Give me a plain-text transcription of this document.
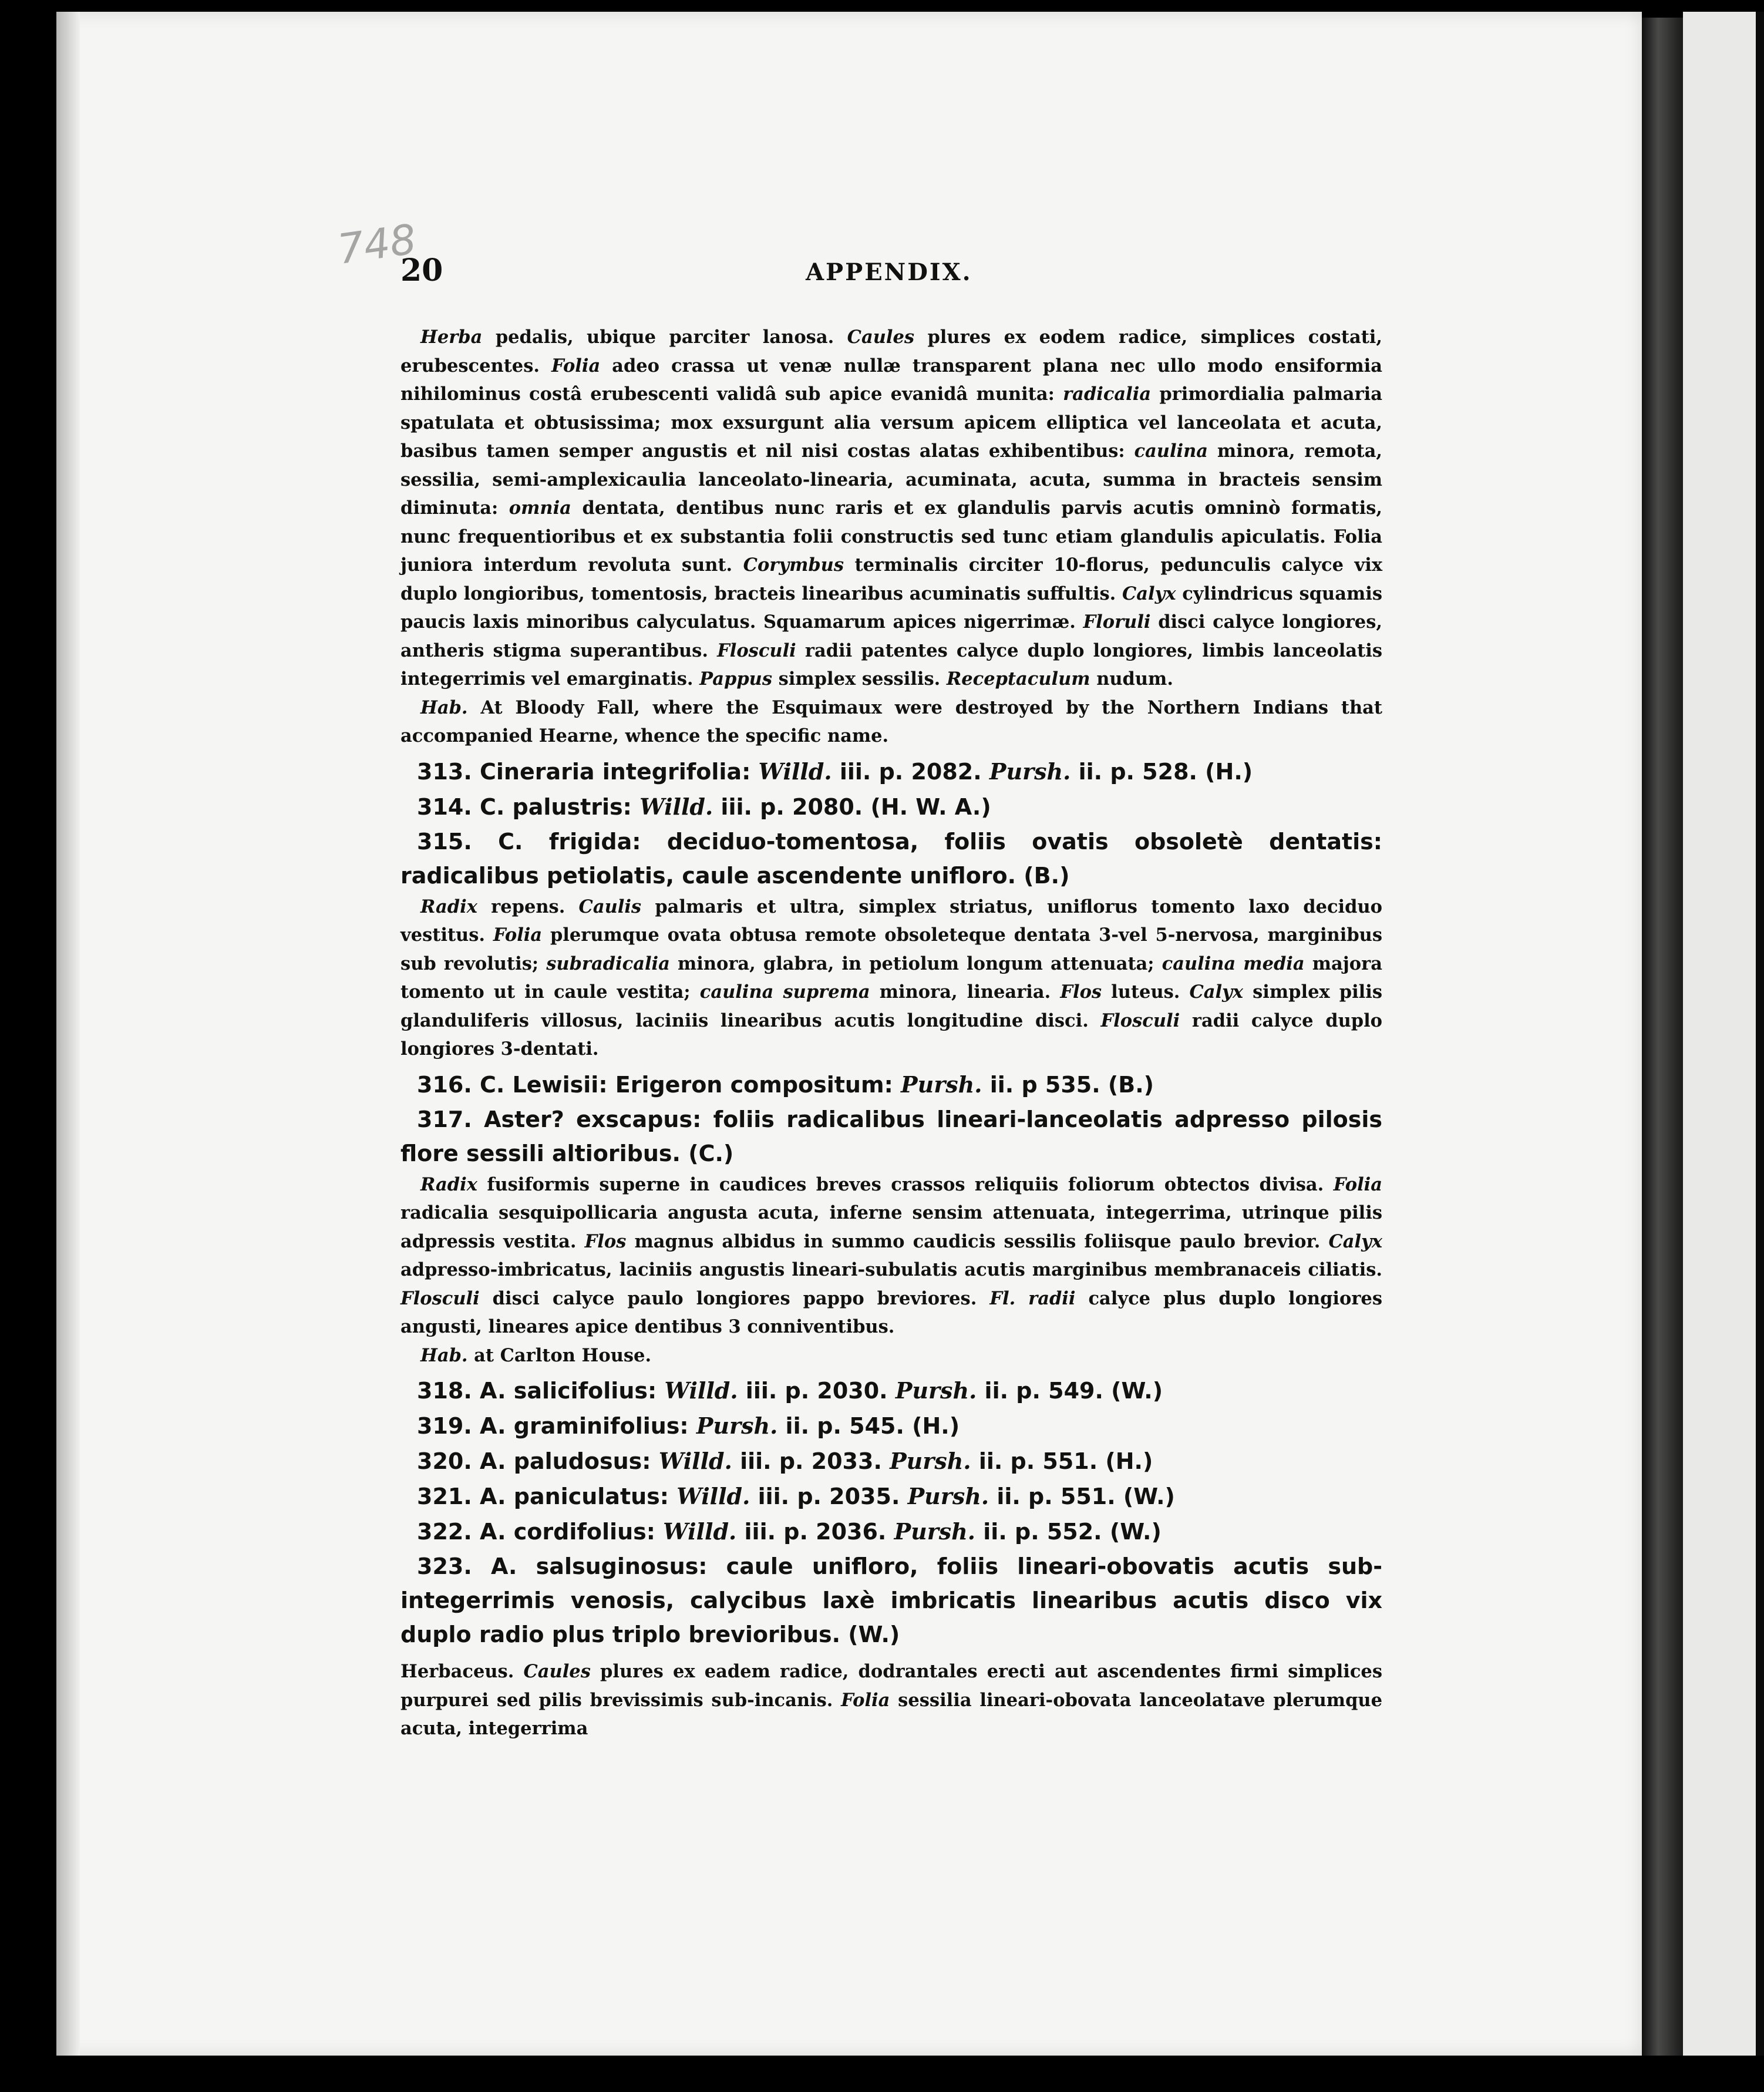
748
20	APPENDIX.

Herba pedalis, ubique parciter lanosa. Caules plures ex eodem radice, simplices costati, erubescentes. Folia adeo crassa ut venæ nullæ transparent plana nec ullo modo ensiformia nihilominus costâ erubescenti validâ sub apice evanidâ munita: radicalia primordialia palmaria spatulata et obtusissima; mox exsurgunt alia versum apicem elliptica vel lanceolata et acuta, basibus tamen semper angustis et nil nisi costas alatas exhibentibus: caulina minora, remota, sessilia, semi-amplexicaulia lanceolato-linearia, acuminata, acuta, summa in bracteis sensim diminuta: omnia dentata, dentibus nunc raris et ex glandulis parvis acutis omninò formatis, nunc frequentioribus et ex substantia folii constructis sed tunc etiam glandulis apiculatis. Folia juniora interdum revoluta sunt. Corymbus terminalis circiter 10-florus, pedunculis calyce vix duplo longioribus, tomentosis, bracteis linearibus acuminatis suffultis. Calyx cylindricus squamis paucis laxis minoribus calyculatus. Squamarum apices nigerrimæ. Floruli disci calyce longiores, antheris stigma superantibus. Flosculi radii patentes calyce duplo longiores, limbis lanceolatis integerrimis vel emarginatis. Pappus simplex sessilis. Receptaculum nudum.

Hab. At Bloody Fall, where the Esquimaux were destroyed by the Northern Indians that accompanied Hearne, whence the specific name.

313. Cineraria integrifolia: Willd. iii. p. 2082. Pursh. ii. p. 528. (H.)

314. C. palustris: Willd. iii. p. 2080. (H. W. A.)

315. C. frigida: deciduo-tomentosa, foliis ovatis obsoletè dentatis: radicalibus petiolatis, caule ascendente unifloro. (B.)

Radix repens. Caulis palmaris et ultra, simplex striatus, uniflorus tomento laxo deciduo vestitus. Folia plerumque ovata obtusa remote obsoleteque dentata 3-vel 5-nervosa, marginibus sub revolutis; subradicalia minora, glabra, in petiolum longum attenuata; caulina media majora tomento ut in caule vestita; caulina suprema minora, linearia. Flos luteus. Calyx simplex pilis glanduliferis villosus, laciniis linearibus acutis longitudine disci. Flosculi radii calyce duplo longiores 3-dentati.

316. C. Lewisii: Erigeron compositum: Pursh. ii. p 535. (B.)

317. Aster? exscapus: foliis radicalibus lineari-lanceolatis adpresso pilosis flore sessili altioribus. (C.)

Radix fusiformis superne in caudices breves crassos reliquiis foliorum obtectos divisa. Folia radicalia sesquipollicaria angusta acuta, inferne sensim attenuata, integerrima, utrinque pilis adpressis vestita. Flos magnus albidus in summo caudicis sessilis foliisque paulo brevior. Calyx adpresso-imbricatus, laciniis angustis lineari-subulatis acutis marginibus membranaceis ciliatis. Flosculi disci calyce paulo longiores pappo breviores. Fl. radii calyce plus duplo longiores angusti, lineares apice dentibus 3 conniventibus.

Hab. at Carlton House.

318. A. salicifolius: Willd. iii. p. 2030. Pursh. ii. p. 549. (W.)

319. A. graminifolius: Pursh. ii. p. 545. (H.)

320. A. paludosus: Willd. iii. p. 2033. Pursh. ii. p. 551. (H.)

321. A. paniculatus: Willd. iii. p. 2035. Pursh. ii. p. 551. (W.)

322. A. cordifolius: Willd. iii. p. 2036. Pursh. ii. p. 552. (W.)

323. A. salsuginosus: caule unifloro, foliis lineari-obovatis acutis sub-integerrimis venosis, calycibus laxè imbricatis linearibus acutis disco vix duplo radio plus triplo brevioribus. (W.)

Herbaceus. Caules plures ex eadem radice, dodrantales erecti aut ascendentes firmi simplices purpurei sed pilis brevissimis sub-incanis. Folia sessilia lineari-obovata lanceolatave plerumque acuta, integerrima
